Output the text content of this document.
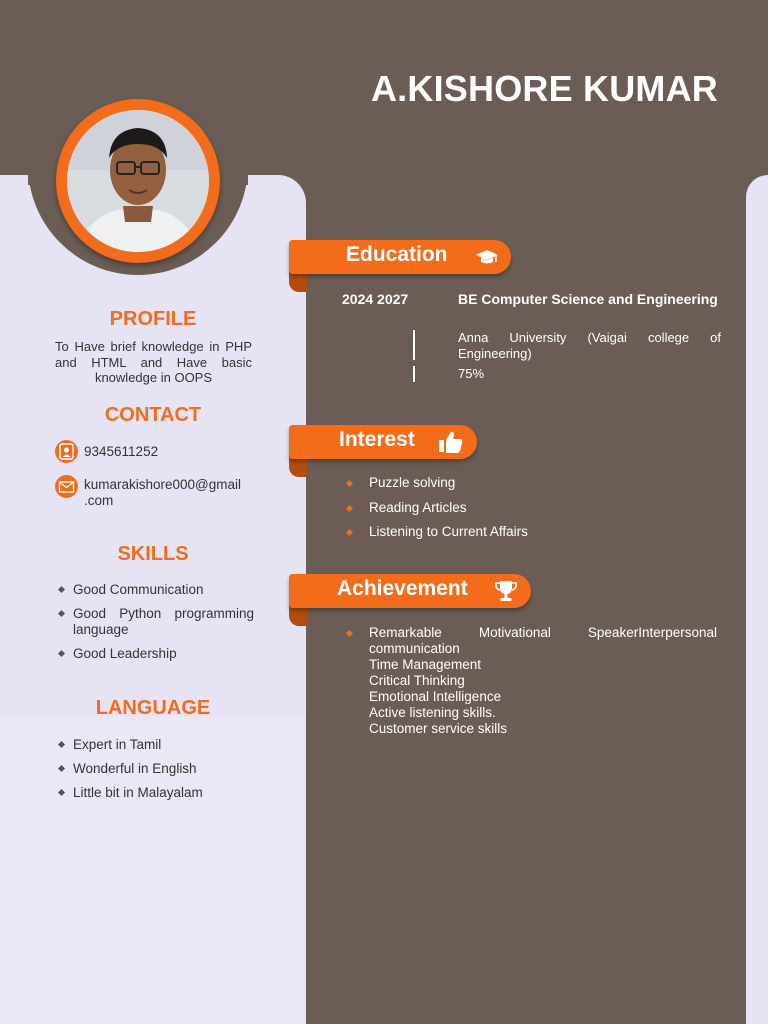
A.KISHORE KUMAR
PROFILE
To Have brief knowledge in PHP and HTML and Have basic knowledge in OOPS
CONTACT
9345611252
kumarakishore000@gmail
.com
SKILLS
Good Communication
Good Python programming language
Good Leadership
LANGUAGE
Expert in Tamil
Wonderful in English
Little bit in Malayalam
Education
2024 2027	BE Computer Science and Engineering
Anna University (Vaigai college of Engineering)
75%
Interest
Puzzle solving
Reading Articles
Listening to Current Affairs
Achievement
Remarkable Motivational SpeakerInterpersonal
communication
Time Management
Critical Thinking
Emotional Intelligence
Active listening skills.
Customer service skills
